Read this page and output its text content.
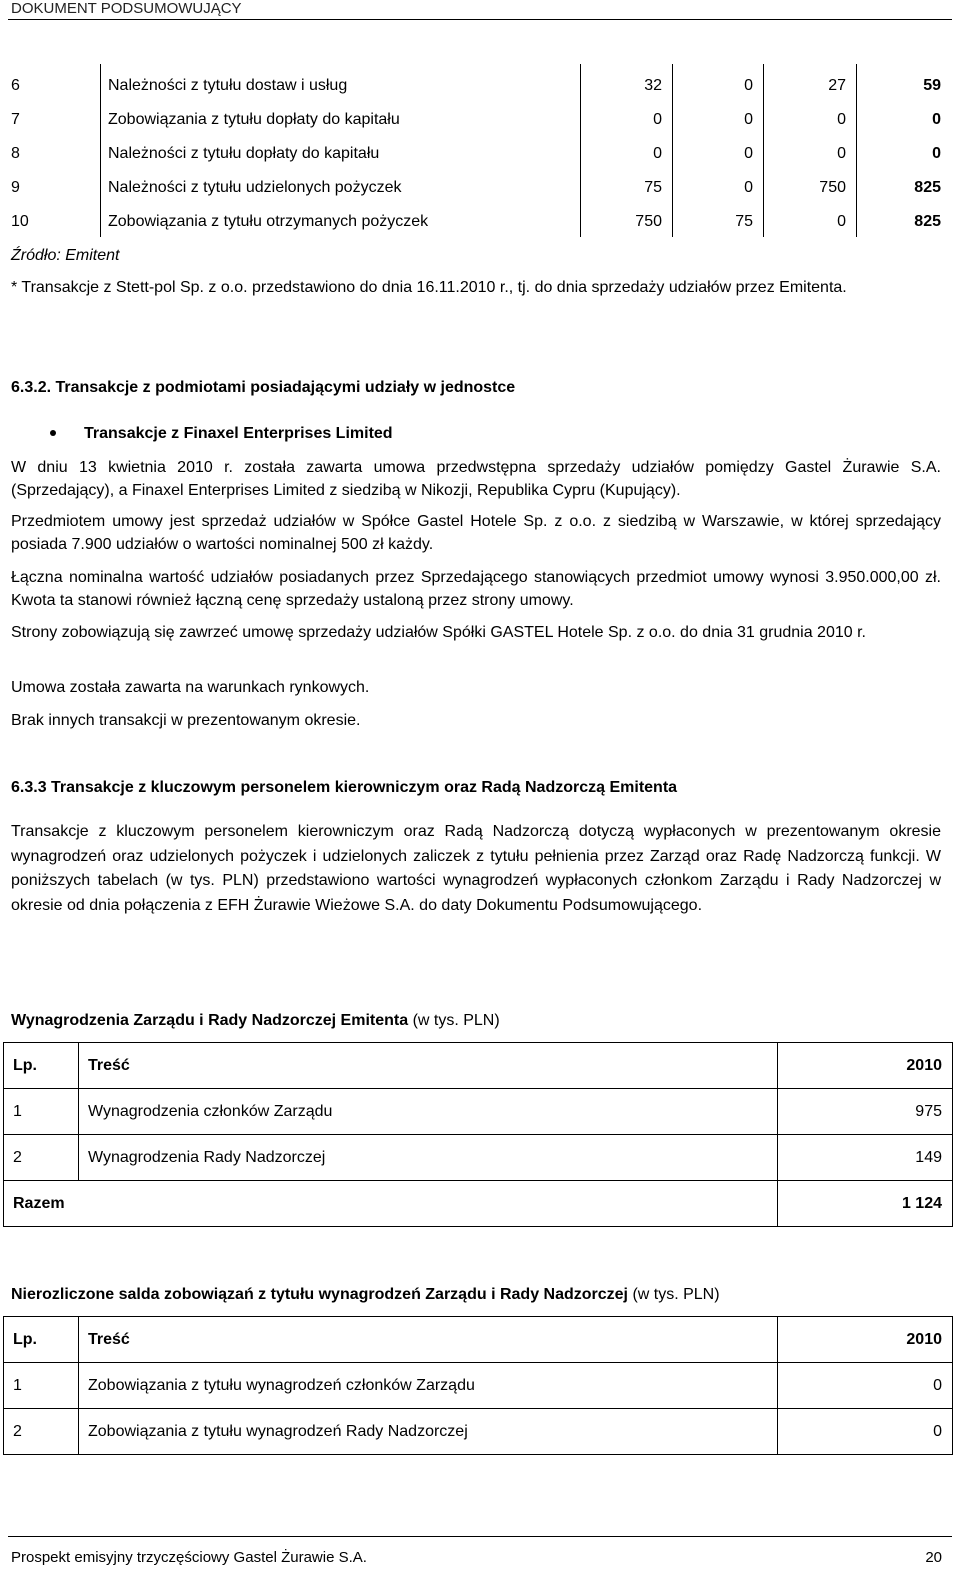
DOKUMENT PODSUMOWUJĄCY
6	Należności z tytułu dostaw i usług	32	0	27	59
7	Zobowiązania z tytułu dopłaty do kapitału	0	0	0	0
8	Należności z tytułu dopłaty do kapitału	0	0	0	0
9	Należności z tytułu udzielonych pożyczek	75	0	750	825
10	Zobowiązania z tytułu otrzymanych pożyczek	750	75	0	825
Źródło: Emitent
* Transakcje z Stett-pol Sp. z o.o. przedstawiono do dnia 16.11.2010 r., tj. do dnia sprzedaży udziałów przez Emitenta.
6.3.2. Transakcje z podmiotami posiadającymi udziały w jednostce
Transakcje z Finaxel Enterprises Limited
W dniu 13 kwietnia 2010 r. została zawarta umowa przedwstępna sprzedaży udziałów pomiędzy Gastel Żurawie S.A. (Sprzedający), a Finaxel Enterprises Limited z siedzibą w Nikozji, Republika Cypru (Kupujący).
Przedmiotem umowy jest sprzedaż udziałów w Spółce Gastel Hotele Sp. z o.o. z siedzibą w Warszawie, w której sprzedający posiada 7.900 udziałów o wartości nominalnej 500 zł każdy.
Łączna nominalna wartość udziałów posiadanych przez Sprzedającego stanowiących przedmiot umowy wynosi 3.950.000,00 zł. Kwota ta stanowi również łączną cenę sprzedaży ustaloną przez strony umowy.
Strony zobowiązują się zawrzeć umowę sprzedaży udziałów Spółki GASTEL Hotele Sp. z o.o. do dnia 31 grudnia 2010 r.
Umowa została zawarta na warunkach rynkowych.
Brak innych transakcji w prezentowanym okresie.
6.3.3 Transakcje z kluczowym personelem kierowniczym oraz Radą Nadzorczą Emitenta
Transakcje z kluczowym personelem kierowniczym oraz Radą Nadzorczą dotyczą wypłaconych w prezentowanym okresie wynagrodzeń oraz udzielonych pożyczek i udzielonych zaliczek z tytułu pełnienia przez Zarząd oraz Radę Nadzorczą funkcji. W poniższych tabelach (w tys. PLN) przedstawiono wartości wynagrodzeń wypłaconych członkom Zarządu i Rady Nadzorczej w okresie od dnia połączenia z EFH Żurawie Wieżowe S.A. do daty Dokumentu Podsumowującego.
Wynagrodzenia Zarządu i Rady Nadzorczej Emitenta (w tys. PLN)
Lp.	Treść	2010
1	Wynagrodzenia członków Zarządu	975
2	Wynagrodzenia Rady Nadzorczej	149
Razem		1 124
Nierozliczone salda zobowiązań z tytułu wynagrodzeń Zarządu i Rady Nadzorczej (w tys. PLN)
Lp.	Treść	2010
1	Zobowiązania z tytułu wynagrodzeń członków Zarządu	0
2	Zobowiązania z tytułu wynagrodzeń Rady Nadzorczej	0
Prospekt emisyjny trzyczęściowy Gastel Żurawie S.A.	20
